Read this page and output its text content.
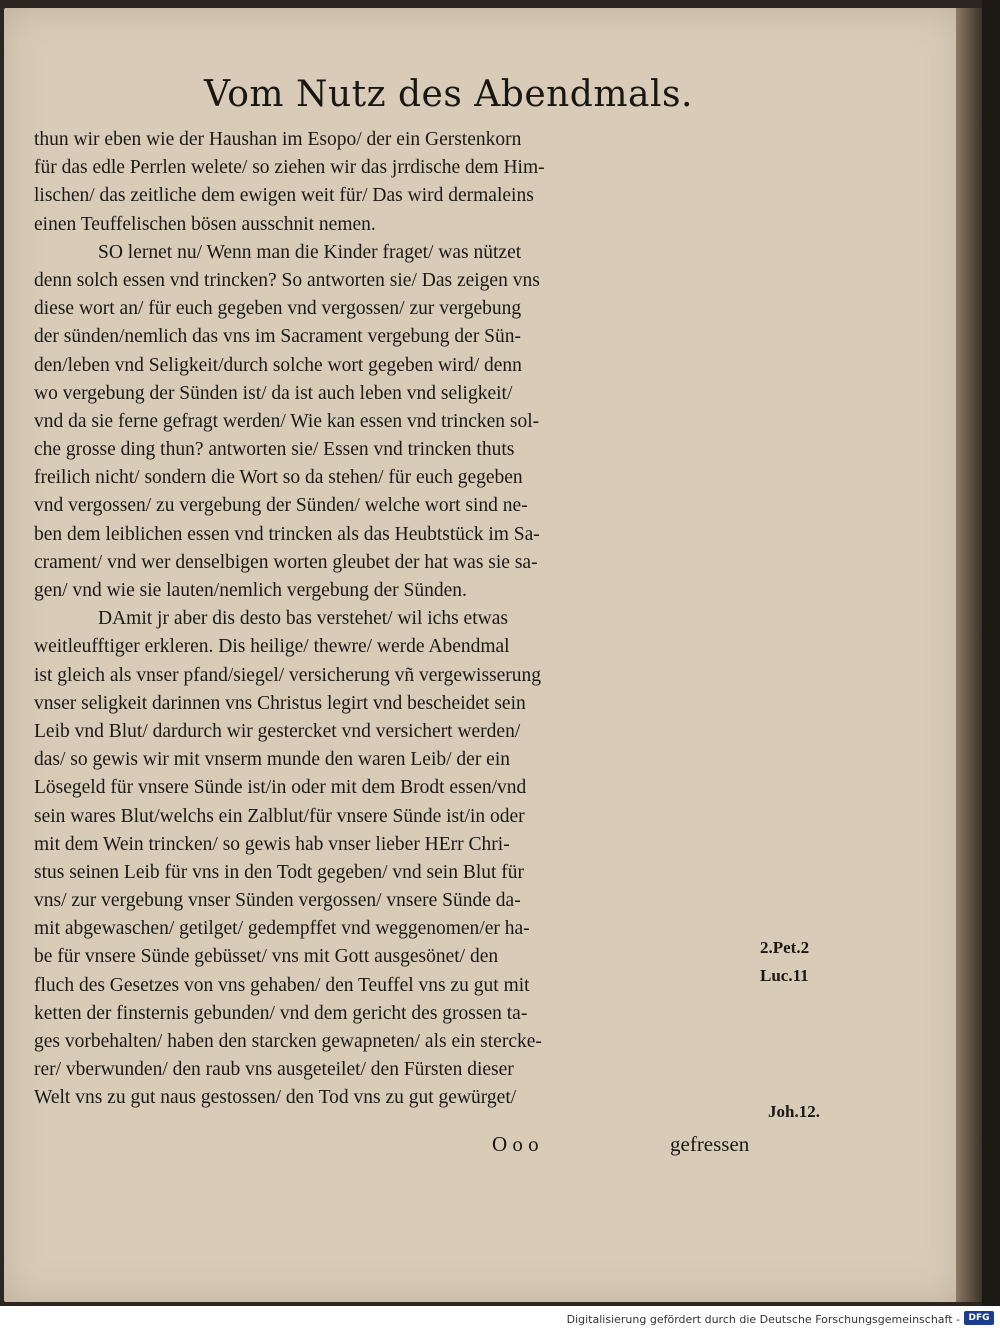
Vom Nutz des Abendmals.
thun wir eben wie der Haushan im Esopo/ der ein Gerstenkorn
für das edle Perrlen welete/ so ziehen wir das jrrdische dem Him-
lischen/ das zeitliche dem ewigen weit für/ Das wird dermaleins
einen Teuffelischen bösen ausschnit nemen.
SO lernet nu/ Wenn man die Kinder fraget/ was nützet
denn solch essen vnd trincken? So antworten sie/ Das zeigen vns
diese wort an/ für euch gegeben vnd vergossen/ zur vergebung
der sünden/nemlich das vns im Sacrament vergebung der Sün-
den/leben vnd Seligkeit/durch solche wort gegeben wird/ denn
wo vergebung der Sünden ist/ da ist auch leben vnd seligkeit/
vnd da sie ferne gefragt werden/ Wie kan essen vnd trincken sol-
che grosse ding thun? antworten sie/ Essen vnd trincken thuts
freilich nicht/ sondern die Wort so da stehen/ für euch gegeben
vnd vergossen/ zu vergebung der Sünden/ welche wort sind ne-
ben dem leiblichen essen vnd trincken als das Heubtstück im Sa-
crament/ vnd wer denselbigen worten gleubet der hat was sie sa-
gen/ vnd wie sie lauten/nemlich vergebung der Sünden.
DAmit jr aber dis desto bas verstehet/ wil ichs etwas
weitleufftiger erkleren. Dis heilige/ thewre/ werde Abendmal
ist gleich als vnser pfand/siegel/ versicherung vñ vergewisserung
vnser seligkeit darinnen vns Christus legirt vnd bescheidet sein
Leib vnd Blut/ dardurch wir gestercket vnd versichert werden/
das/ so gewis wir mit vnserm munde den waren Leib/ der ein
Lösegeld für vnsere Sünde ist/in oder mit dem Brodt essen/vnd
sein wares Blut/welchs ein Zalblut/für vnsere Sünde ist/in oder
mit dem Wein trincken/ so gewis hab vnser lieber HErr Chri-
stus seinen Leib für vns in den Todt gegeben/ vnd sein Blut für
vns/ zur vergebung vnser Sünden vergossen/ vnsere Sünde da-
mit abgewaschen/ getilget/ gedempffet vnd weggenomen/er ha-
be für vnsere Sünde gebüsset/ vns mit Gott ausgesönet/ den
fluch des Gesetzes von vns gehaben/ den Teuffel vns zu gut mit
ketten der finsternis gebunden/ vnd dem gericht des grossen ta-
ges vorbehalten/ haben den starcken gewapneten/ als ein stercke-
rer/ vberwunden/ den raub vns ausgeteilet/ den Fürsten dieser
Welt vns zu gut naus gestossen/ den Tod vns zu gut gewürget/
2.Pet.2
Luc.11
Joh.12.
O o o	gefressen
Digitalisierung gefördert durch die Deutsche Forschungsgemeinschaft - DFG
